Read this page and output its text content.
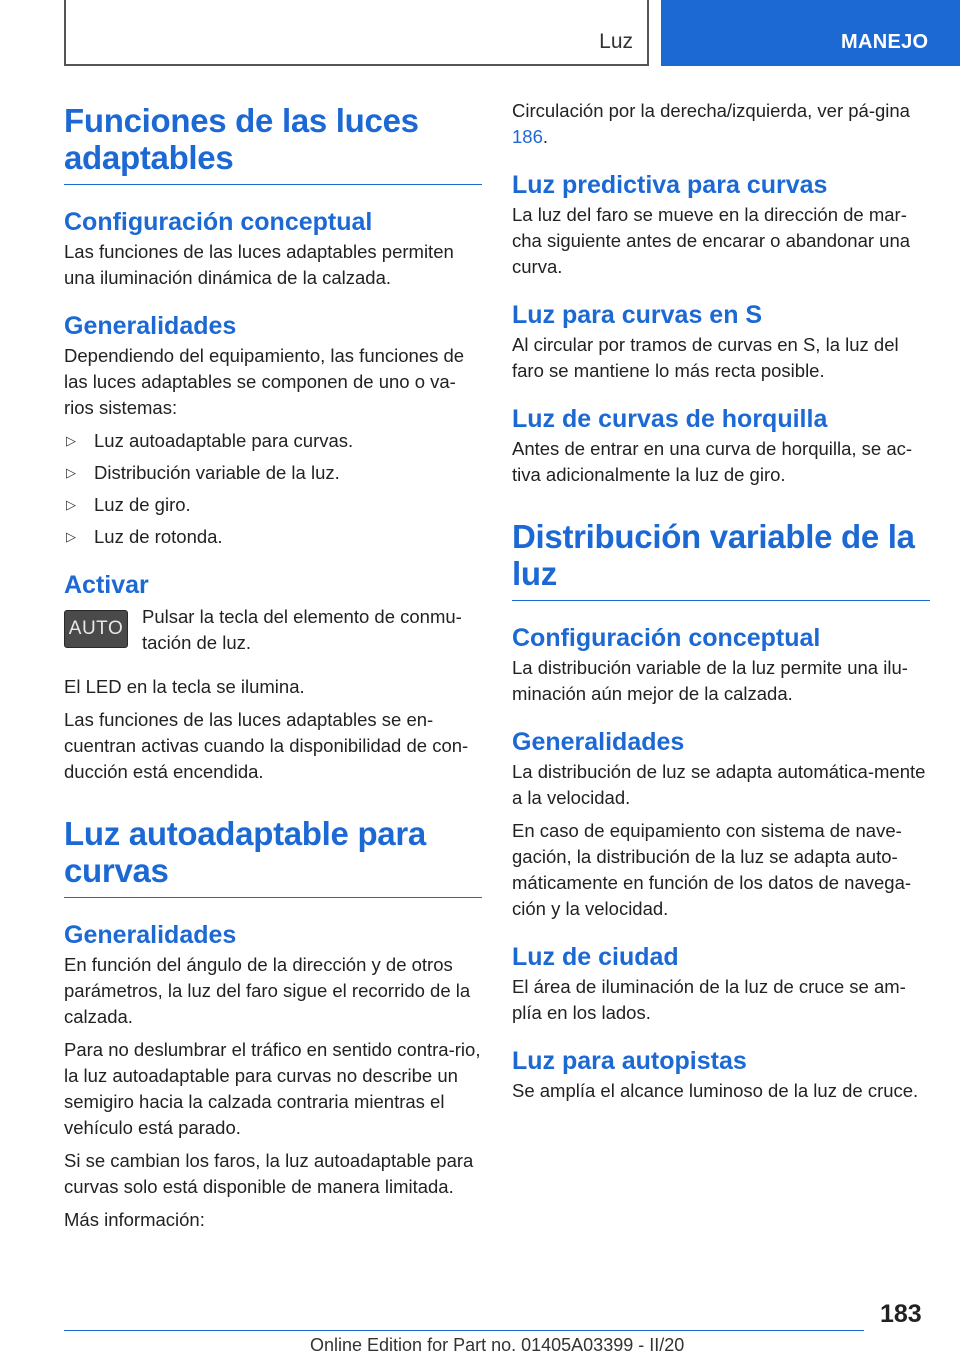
Luz	MANEJO
Funciones de las luces adaptables
Configuración conceptual

Las funciones de las luces adaptables permiten una iluminación dinámica de la calzada.

Generalidades

Dependiendo del equipamiento, las funciones de las luces adaptables se componen de uno o va-rios sistemas:

▷ Luz autoadaptable para curvas.
▷ Distribución variable de la luz.
▷ Luz de giro.
▷ Luz de rotonda.
Activar
AUTO

Pulsar la tecla del elemento de conmu-tación de luz.

El LED en la tecla se ilumina.

Las funciones de las luces adaptables se en-cuentran activas cuando la disponibilidad de con-ducción está encendida.

Luz autoadaptable para curvas
Generalidades

En función del ángulo de la dirección y de otros parámetros, la luz del faro sigue el recorrido de la calzada.

Para no deslumbrar el tráfico en sentido contra-rio, la luz autoadaptable para curvas no describe un semigiro hacia la calzada contraria mientras el vehículo está parado.

Si se cambian los faros, la luz autoadaptable para curvas solo está disponible de manera limitada.

Más información:

Circulación por la derecha/izquierda, ver pá-gina 186.

Luz predictiva para curvas

La luz del faro se mueve en la dirección de mar-cha siguiente antes de encarar o abandonar una curva.

Luz para curvas en S

Al circular por tramos de curvas en S, la luz del faro se mantiene lo más recta posible.

Luz de curvas de horquilla

Antes de entrar en una curva de horquilla, se ac-tiva adicionalmente la luz de giro.

Distribución variable de la luz
Configuración conceptual

La distribución variable de la luz permite una ilu-minación aún mejor de la calzada.

Generalidades

La distribución de luz se adapta automática-mente a la velocidad.

En caso de equipamiento con sistema de nave-gación, la distribución de la luz se adapta auto-máticamente en función de los datos de navega-ción y la velocidad.

Luz de ciudad

El área de iluminación de la luz de cruce se am-plía en los lados.

Luz para autopistas

Se amplía el alcance luminoso de la luz de cruce.

183
Online Edition for Part no. 01405A03399 - II/20
